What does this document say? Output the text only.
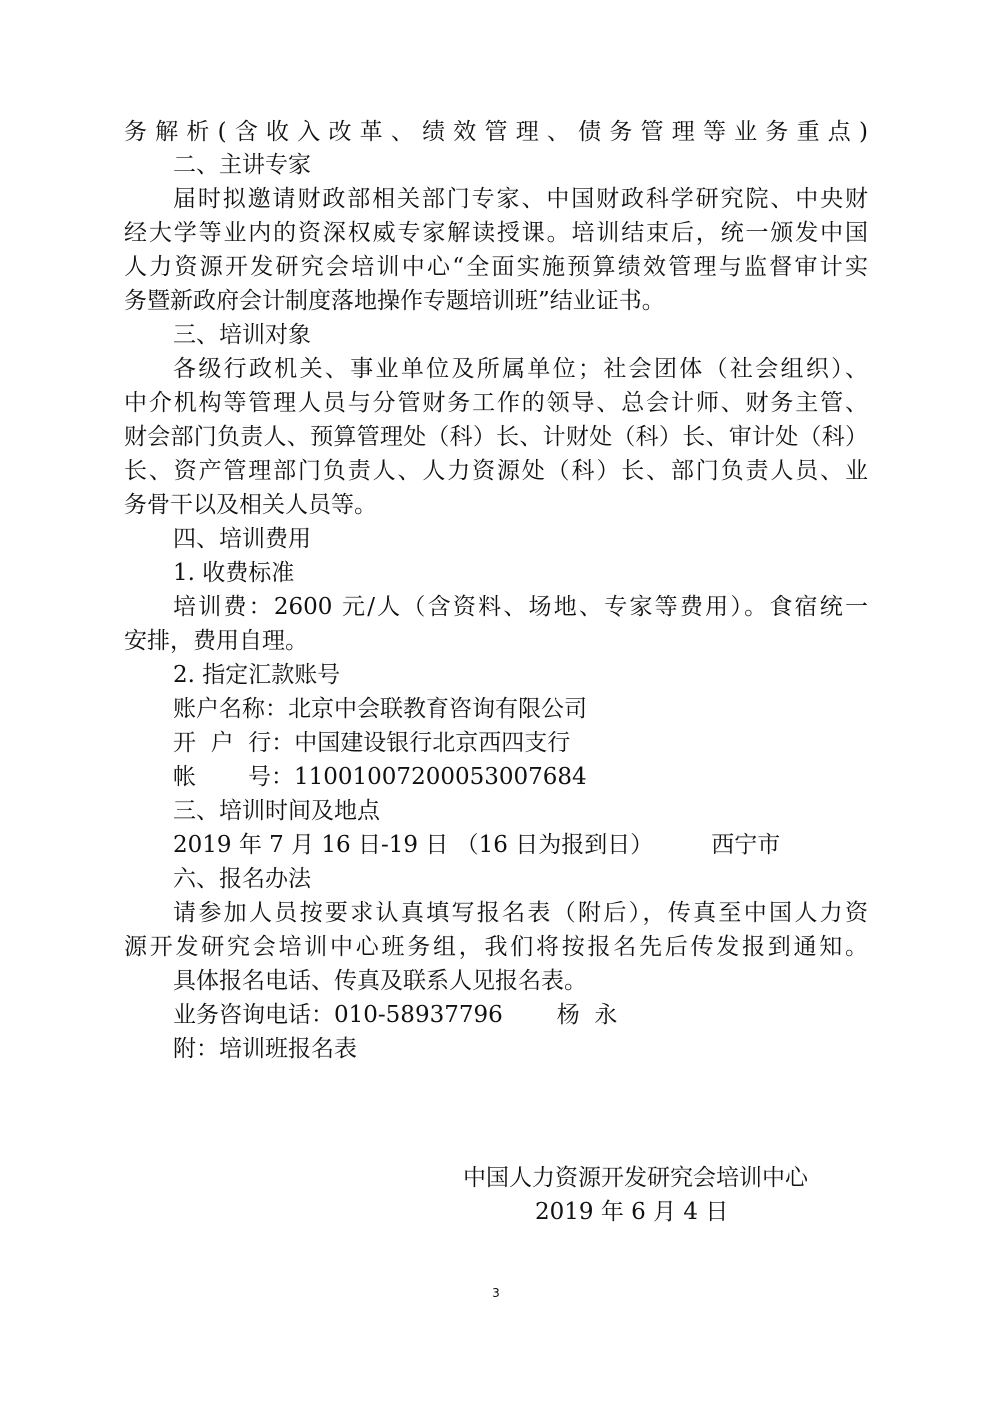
务解析(含收入改革、绩效管理、债务管理等业务重点)
二、主讲专家
届时拟邀请财政部相关部门专家、中国财政科学研究院、中央财
经大学等业内的资深权威专家解读授课。培训结束后，统一颁发中国
人力资源开发研究会培训中心“全面实施预算绩效管理与监督审计实
务暨新政府会计制度落地操作专题培训班”结业证书。
三、培训对象
各级行政机关、事业单位及所属单位；社会团体（社会组织）、
中介机构等管理人员与分管财务工作的领导、总会计师、财务主管、
财会部门负责人、预算管理处（科）长、计财处（科）长、审计处（科）
长、资产管理部门负责人、人力资源处（科）长、部门负责人员、业
务骨干以及相关人员等。
四、培训费用
1. 收费标准
培训费：2600 元/人（含资料、场地、专家等费用）。食宿统一
安排，费用自理。
2. 指定汇款账号
账户名称：北京中会联教育咨询有限公司
开  户  行：中国建设银行北京西四支行
帐 号：11001007200053007684
三、培训时间及地点
2019 年 7 月 16 日-19 日 （16 日为报到日）	西宁市
六、报名办法
请参加人员按要求认真填写报名表（附后），传真至中国人力资
源开发研究会培训中心班务组，我们将按报名先后传发报到通知。
具体报名电话、传真及联系人见报名表。
业务咨询电话：010-58937796 杨  永
附：培训班报名表
中国人力资源开发研究会培训中心
2019 年 6 月 4 日
3
